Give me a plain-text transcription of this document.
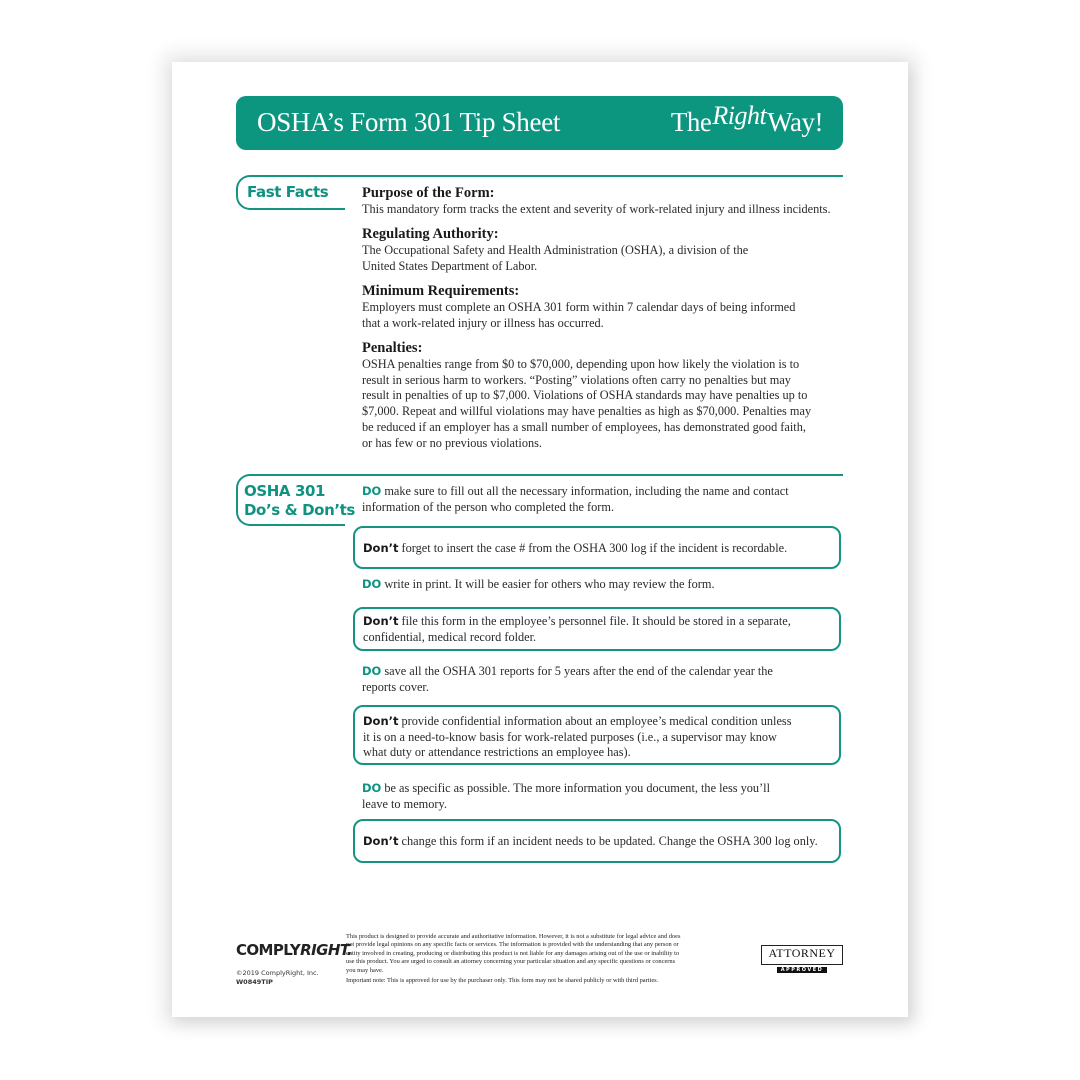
OSHA’s Form 301 Tip Sheet	TheRightWay!
Fast Facts Purpose of the Form:

This mandatory form tracks the extent and severity of work-related injury and illness incidents.

Regulating Authority:

The Occupational Safety and Health Administration (OSHA), a division of the

United States Department of Labor.

Minimum Requirements:

Employers must complete an OSHA 301 form within 7 calendar days of being informed

that a work-related injury or illness has occurred.

Penalties:

OSHA penalties range from $0 to $70,000, depending upon how likely the violation is to

result in serious harm to workers. “Posting” violations often carry no penalties but may

result in penalties of up to $7,000. Violations of OSHA standards may have penalties up to

$7,000. Repeat and willful violations may have penalties as high as $70,000. Penalties may

be reduced if an employer has a small number of employees, has demonstrated good faith,

or has few or no previous violations.

OSHA 301
Do’s & Don’ts
DO make sure to fill out all the necessary information, including the name and contact
information of the person who completed the form.
Don’t forget to insert the case # from the OSHA 300 log if the incident is recordable.
DO write in print. It will be easier for others who may review the form.
Don’t file this form in the employee’s personnel file. It should be stored in a separate,
confidential, medical record folder.
DO save all the OSHA 301 reports for 5 years after the end of the calendar year the
reports cover.
Don’t provide confidential information about an employee’s medical condition unless
it is on a need-to-know basis for work-related purposes (i.e., a supervisor may know
what duty or attendance restrictions an employee has).
DO be as specific as possible. The more information you document, the less you’ll
leave to memory.
Don’t change this form if an incident needs to be updated. Change the OSHA 300 log only.
COMPLYRIGHT.
©2019 ComplyRight, Inc.
W0849TIP

This product is designed to provide accurate and authoritative information. However, it is not a substitute for legal advice and does
not provide legal opinions on any specific facts or services. The information is provided with the understanding that any person or
entity involved in creating, producing or distributing this product is not liable for any damages arising out of the use or inability to
use this product. You are urged to consult an attorney concerning your particular situation and any specific questions or concerns
you may have.

Important note: This is approved for use by the purchaser only. This form may not be shared publicly or with third parties.

ATTORNEY
APPROVED
